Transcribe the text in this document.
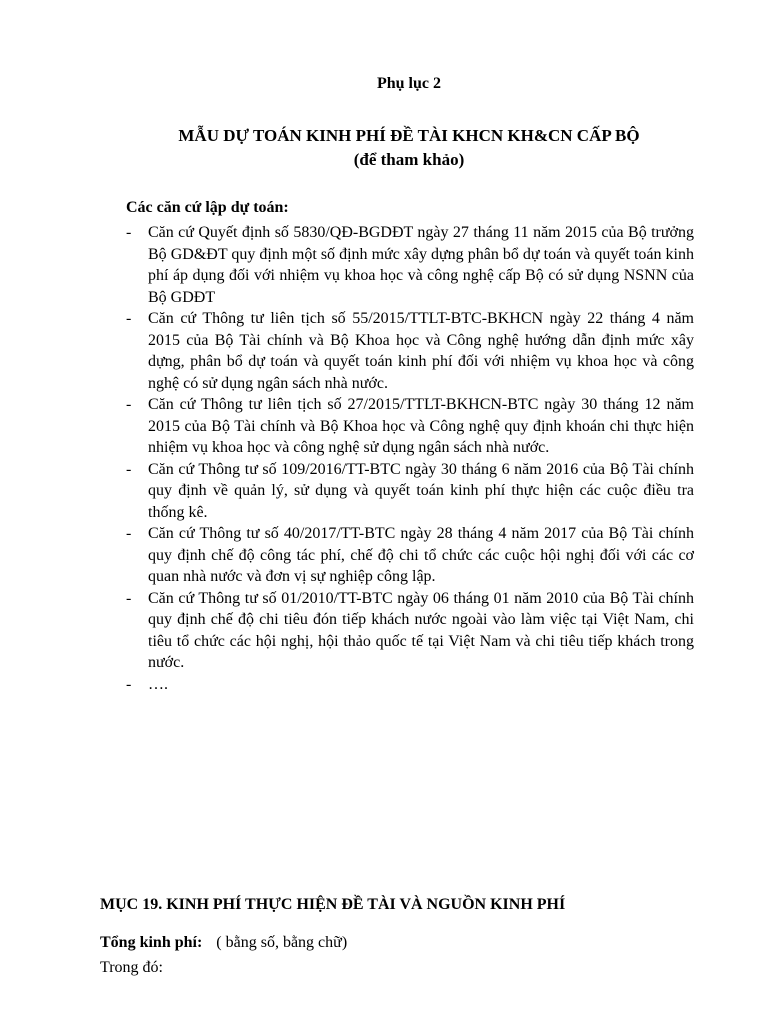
Phụ lục 2
MẪU DỰ TOÁN KINH PHÍ ĐỀ TÀI KHCN KH&CN CẤP BỘ
(để tham khảo)
Các căn cứ lập dự toán:
-	Căn cứ Quyết định số 5830/QĐ-BGDĐT ngày 27 tháng 11 năm 2015 của Bộ trưởng Bộ GD&ĐT quy định một số định mức xây dựng phân bổ dự toán và quyết toán kinh phí áp dụng đối với nhiệm vụ khoa học và công nghệ cấp Bộ có sử dụng NSNN của Bộ GDĐT
-	Căn cứ Thông tư liên tịch số 55/2015/TTLT-BTC-BKHCN ngày 22 tháng 4 năm 2015 của Bộ Tài chính và Bộ Khoa học và Công nghệ hướng dẫn định mức xây dựng, phân bổ dự toán và quyết toán kinh phí đối với nhiệm vụ khoa học và công nghệ có sử dụng ngân sách nhà nước.
-	Căn cứ Thông tư liên tịch số 27/2015/TTLT-BKHCN-BTC ngày 30 tháng 12 năm 2015 của Bộ Tài chính và Bộ Khoa học và Công nghệ quy định khoán chi thực hiện nhiệm vụ khoa học và công nghệ sử dụng ngân sách nhà nước.
-	Căn cứ Thông tư số 109/2016/TT-BTC ngày 30 tháng 6 năm 2016 của Bộ Tài chính quy định về quản lý, sử dụng và quyết toán kinh phí thực hiện các cuộc điều tra thống kê.
-	Căn cứ Thông tư số 40/2017/TT-BTC ngày 28 tháng 4 năm 2017 của Bộ Tài chính quy định chế độ công tác phí, chế độ chi tổ chức các cuộc hội nghị đối với các cơ quan nhà nước và đơn vị sự nghiệp công lập.
-	Căn cứ Thông tư số 01/2010/TT-BTC ngày 06 tháng 01 năm 2010 của Bộ Tài chính quy định chế độ chi tiêu đón tiếp khách nước ngoài vào làm việc tại Việt Nam, chi tiêu tổ chức các hội nghị, hội thảo quốc tế tại Việt Nam và chi tiêu tiếp khách trong nước.
-	….
MỤC 19. KINH PHÍ THỰC HIỆN ĐỀ TÀI VÀ NGUỒN KINH PHÍ
Tổng kinh phí: ( bằng số, bằng chữ)
Trong đó:
